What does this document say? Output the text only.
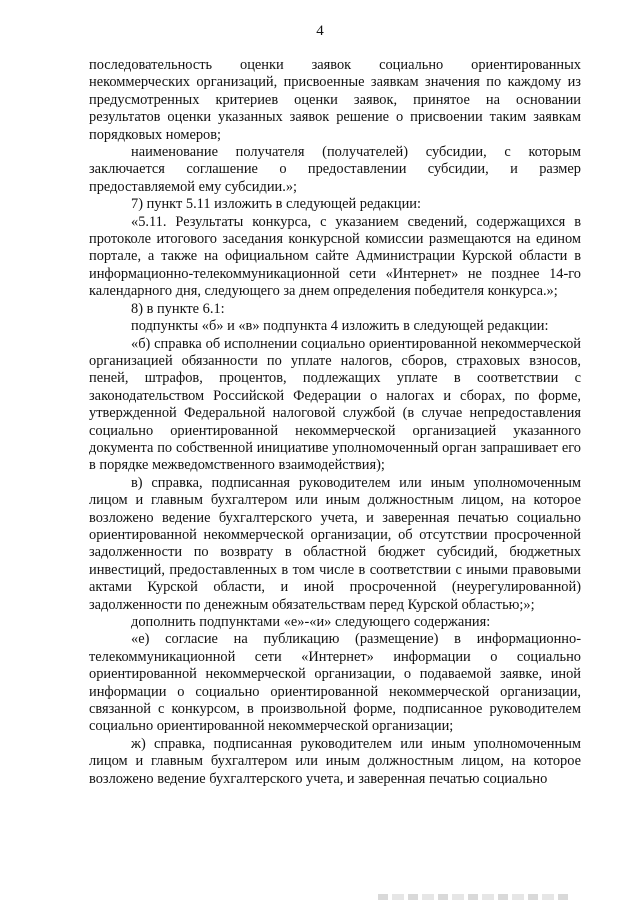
4

последовательность оценки заявок социально ориентированных некоммерческих организаций, присвоенные заявкам значения по каждому из предусмотренных критериев оценки заявок, принятое на основании результатов оценки указанных заявок решение о присвоении таким заявкам порядковых номеров;

наименование получателя (получателей) субсидии, с которым заключается соглашение о предоставлении субсидии, и размер предоставляемой ему субсидии.»;

7) пункт 5.11 изложить в следующей редакции:

«5.11. Результаты конкурса, с указанием сведений, содержащихся в протоколе итогового заседания конкурсной комиссии размещаются на едином портале, а также на официальном сайте Администрации Курской области в информационно-телекоммуникационной сети «Интернет» не позднее 14-го календарного дня, следующего за днем определения победителя конкурса.»;

8) в пункте 6.1:

подпункты «б» и «в» подпункта 4 изложить в следующей редакции:

«б) справка об исполнении социально ориентированной некоммерческой организацией обязанности по уплате налогов, сборов, страховых взносов, пеней, штрафов, процентов, подлежащих уплате в соответствии с законодательством Российской Федерации о налогах и сборах, по форме, утвержденной Федеральной налоговой службой (в случае непредоставления социально ориентированной некоммерческой организацией указанного документа по собственной инициативе уполномоченный орган запрашивает его в порядке межведомственного взаимодействия);

в) справка, подписанная руководителем или иным уполномоченным лицом и главным бухгалтером или иным должностным лицом, на которое возложено ведение бухгалтерского учета, и заверенная печатью социально ориентированной некоммерческой организации, об отсутствии просроченной задолженности по возврату в областной бюджет субсидий, бюджетных инвестиций, предоставленных в том числе в соответствии с иными правовыми актами Курской области, и иной просроченной (неурегулированной) задолженности по денежным обязательствам перед Курской областью;»;

дополнить подпунктами «е»-«и» следующего содержания:

«е) согласие на публикацию (размещение) в информационно-телекоммуникационной сети «Интернет» информации о социально ориентированной некоммерческой организации, о подаваемой заявке, иной информации о социально ориентированной некоммерческой организации, связанной с конкурсом, в произвольной форме, подписанное руководителем социально ориентированной некоммерческой организации;

ж) справка, подписанная руководителем или иным уполномоченным лицом и главным бухгалтером или иным должностным лицом, на которое возложено ведение бухгалтерского учета, и заверенная печатью социально
